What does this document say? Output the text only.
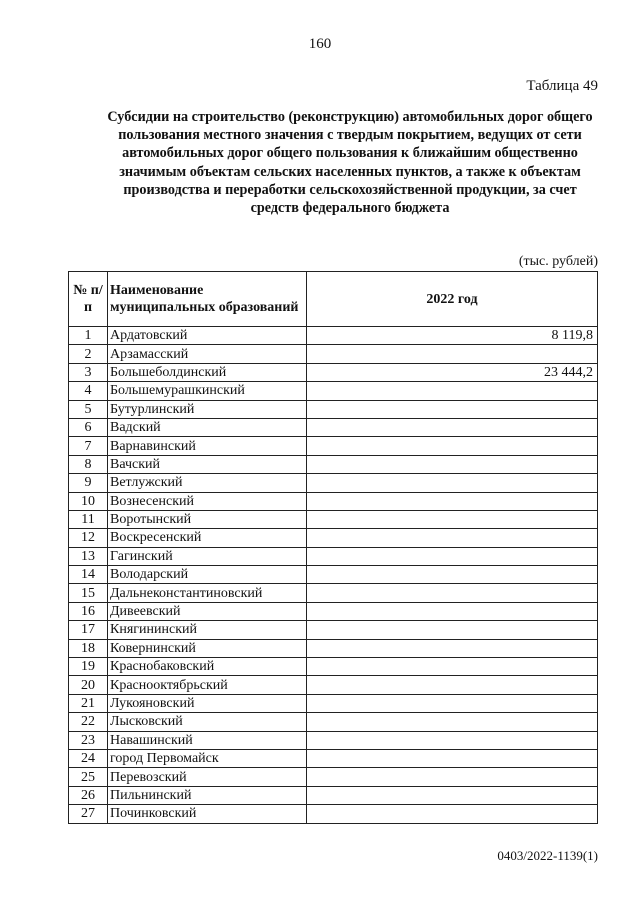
160
Таблица 49
Субсидии на строительство (реконструкцию) автомобильных дорог общего пользования местного значения с твердым покрытием, ведущих от сети автомобильных дорог общего пользования к ближайшим общественно значимым объектам сельских населенных пунктов, а также к объектам производства и переработки сельскохозяйственной продукции, за счет средств федерального бюджета
(тыс. рублей)
№ п/п	Наименование муниципальных образований	2022 год
1	Ардатовский	8 119,8
2	Арзамасский	
3	Большеболдинский	23 444,2
4	Большемурашкинский	
5	Бутурлинский	
6	Вадский	
7	Варнавинский	
8	Вачский	
9	Ветлужский	
10	Вознесенский	
11	Воротынский	
12	Воскресенский	
13	Гагинский	
14	Володарский	
15	Дальнеконстантиновский	
16	Дивеевский	
17	Княгининский	
18	Ковернинский	
19	Краснобаковский	
20	Краснооктябрьский	
21	Лукояновский	
22	Лысковский	
23	Навашинский	
24	город Первомайск	
25	Перевозский	
26	Пильнинский	
27	Починковский	
0403/2022-1139(1)
